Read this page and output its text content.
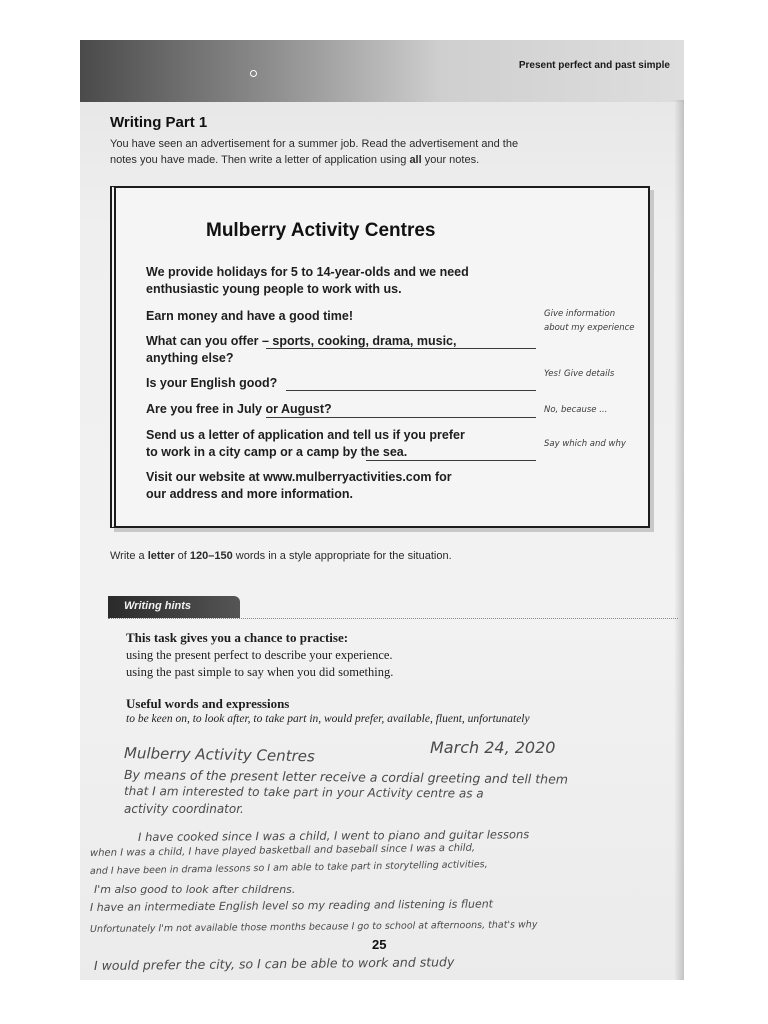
Present perfect and past simple
Writing Part 1
You have seen an advertisement for a summer job. Read the advertisement and the
notes you have made. Then write a letter of application using all your notes.
Mulberry Activity Centres
We provide holidays for 5 to 14-year-olds and we need
enthusiastic young people to work with us.
Earn money and have a good time!
What can you offer – sports, cooking, drama, music,
anything else?
Is your English good?
Are you free in July or August?
Send us a letter of application and tell us if you prefer
to work in a city camp or a camp by the sea.
Visit our website at www.mulberryactivities.com for
our address and more information.
Give information
about my experience
Yes! Give details
No, because ...
Say which and why
Write a letter of 120–150 words in a style appropriate for the situation.
Writing hints
This task gives you a chance to practise:
using the present perfect to describe your experience.
using the past simple to say when you did something.
Useful words and expressions
to be keen on, to look after, to take part in, would prefer, available, fluent, unfortunately
Mulberry Activity Centres	March 24, 2020
By means of the present letter receive a cordial greeting and tell them
that I am interested to take part in your Activity centre as a
activity coordinator.
I have cooked since I was a child, I went to piano and guitar lessons
when I was a child, I have played basketball and baseball since I was a child,
and I have been in drama lessons so I am able to take part in storytelling activities,
I'm also good to look after childrens.
I have an intermediate English level so my reading and listening is fluent
Unfortunately I'm not available those months because I go to school at afternoons, that's why
25
I would prefer the city, so I can be able to work and study
